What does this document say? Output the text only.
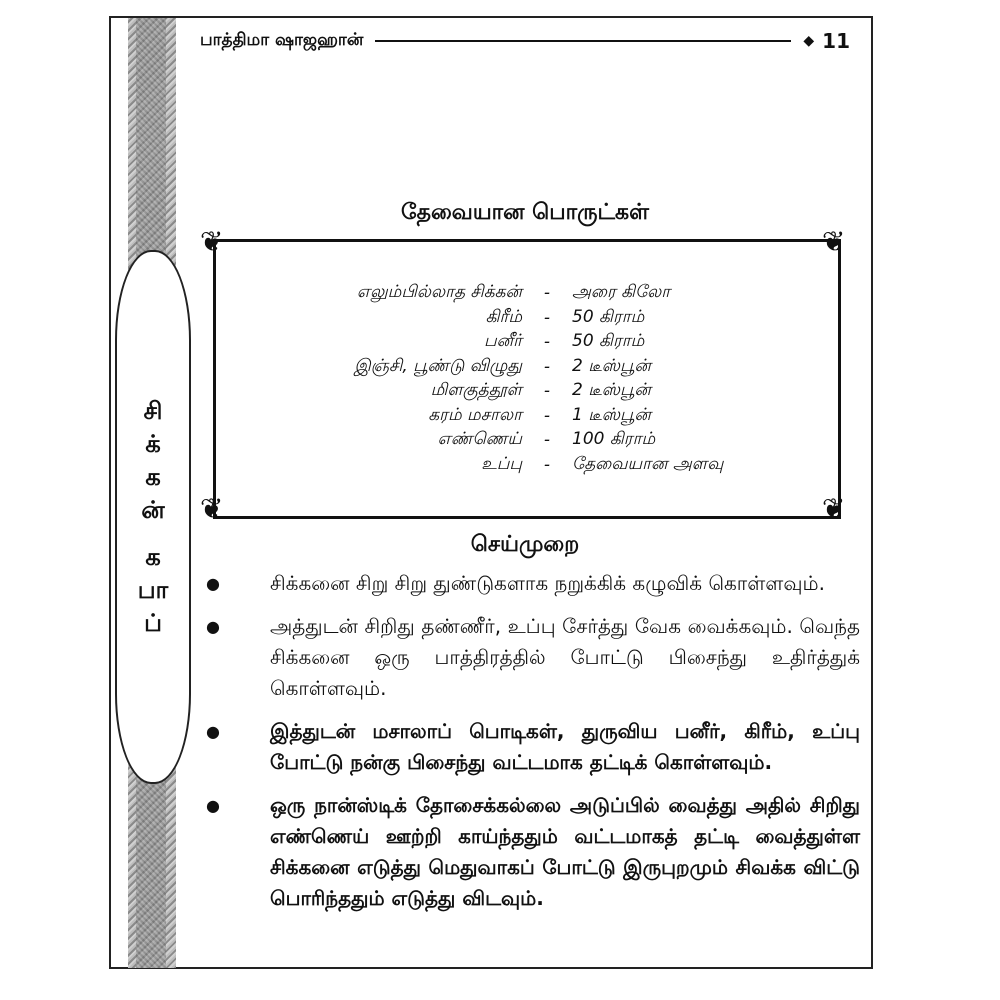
சி
க்
க
ன்
க
பா
ப்
பாத்திமா ஷாஜஹான்	◆ 11
தேவையான பொருட்கள்
❦	❦
❦	❦
எலும்பில்லாத சிக்கன்	-	அரை கிலோ
கிரீம்	-	50 கிராம்
பனீர்	-	50 கிராம்
இஞ்சி, பூண்டு விழுது	-	2 டீஸ்பூன்
மிளகுத்தூள்	-	2 டீஸ்பூன்
கரம் மசாலா	-	1 டீஸ்பூன்
எண்ணெய்	-	100 கிராம்
உப்பு	-	தேவையான அளவு
செய்முறை
●	சிக்கனை சிறு சிறு துண்டுகளாக நறுக்கிக் கழுவிக் கொள்ளவும்.
●	அத்துடன் சிறிது தண்ணீர், உப்பு சேர்த்து வேக வைக்கவும். வெந்த சிக்கனை ஒரு பாத்திரத்தில் போட்டு பிசைந்து உதிர்த்துக் கொள்ளவும்.
●	இத்துடன் மசாலாப் பொடிகள், துருவிய பனீர், கிரீம், உப்பு போட்டு நன்கு பிசைந்து வட்டமாக தட்டிக் கொள்ளவும்.
●	ஒரு நான்ஸ்டிக் தோசைக்கல்லை அடுப்பில் வைத்து அதில் சிறிது எண்ணெய் ஊற்றி காய்ந்ததும் வட்டமாகத் தட்டி வைத்துள்ள சிக்கனை எடுத்து மெதுவாகப் போட்டு இருபுறமும் சிவக்க விட்டு பொரிந்ததும் எடுத்து விடவும்.
